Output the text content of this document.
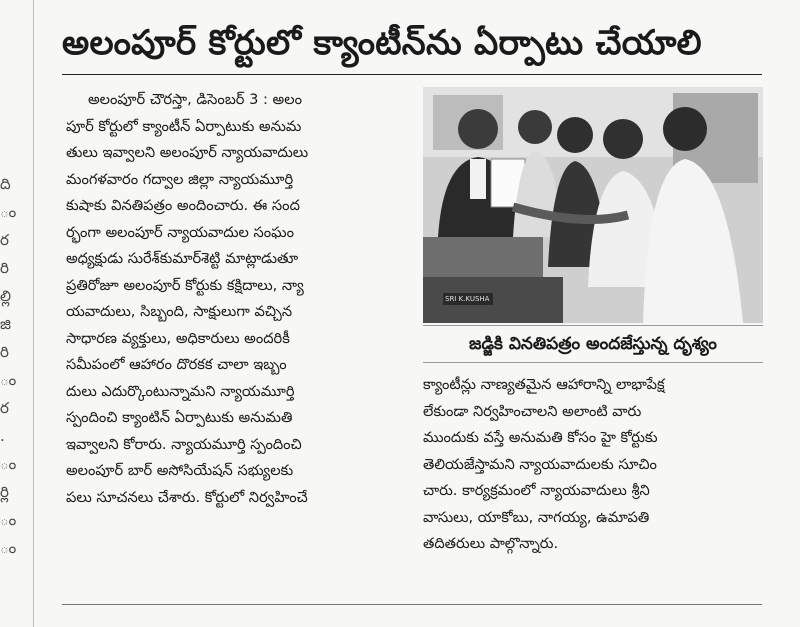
ది
ం
ర
రి
ల్లి
జి
రి
ం
ర
.
ం
ర్లి
ం
ం
అలంపూర్ కోర్టులో క్యాంటీన్‌ను ఏర్పాటు చేయాలి
అలంపూర్ చౌరస్తా, డిసెంబర్ 3 : అలం
పూర్ కోర్టులో క్యాంటీన్ ఏర్పాటుకు అనుమ
తులు ఇవ్వాలని అలంపూర్ న్యాయవాదులు
మంగళవారం గద్వాల జిల్లా న్యాయమూర్తి
కుషాకు వినతిపత్రం అందించారు. ఈ సంద
ర్భంగా అలంపూర్ న్యాయవాదుల సంఘం
అధ్యక్షుడు సురేశ్‌కుమార్‌శెట్టి మాట్లాడుతూ
ప్రతిరోజూ అలంపూర్ కోర్టుకు కక్షిదాలు, న్యా
యవాదులు, సిబ్బంది, సాక్షులుగా వచ్చిన
సాధారణ వ్యక్తులు, అధికారులు అందరికీ
సమీపంలో ఆహారం దొరకక చాలా ఇబ్బం
దులు ఎదుర్కొంటున్నామని న్యాయమూర్తి
స్పందించి క్యాంటిన్ ఏర్పాటుకు అనుమతి
ఇవ్వాలని కోరారు. న్యాయమూర్తి స్పందించి
అలంపూర్ బార్ అసోసియేషన్ సభ్యులకు
పలు సూచనలు చేశారు. కోర్టులో నిర్వహించే
SRI K.KUSHA
జడ్జికి వినతిపత్రం అందజేస్తున్న దృశ్యం
క్యాంటీన్లు నాణ్యతమైన ఆహారాన్ని లాభాపేక్ష
లేకుండా నిర్వహించాలని అలాంటి వారు
ముందుకు వస్తే అనుమతి కోసం హై కోర్టుకు
తెలియజేస్తామని న్యాయవాదులకు సూచిం
చారు. కార్యక్రమంలో న్యాయవాదులు శ్రీని
వాసులు, యాకోబు, నాగయ్య, ఉమాపతి
తదితరులు పాల్గొన్నారు.
